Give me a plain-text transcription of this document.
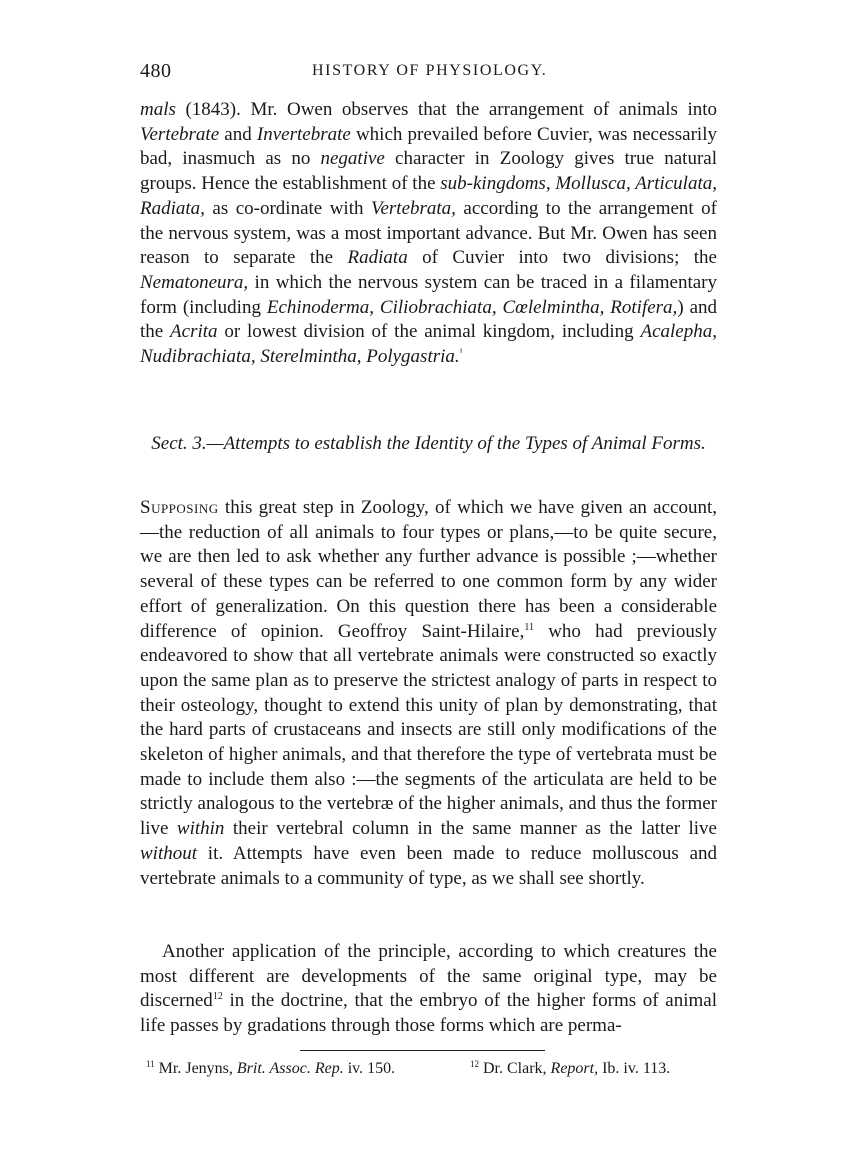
480	HISTORY OF PHYSIOLOGY.

mals (1843). Mr. Owen observes that the arrangement of animals into Vertebrate and Invertebrate which prevailed before Cuvier, was necessarily bad, inasmuch as no negative character in Zoology gives true natural groups. Hence the establishment of the sub-kingdoms, Mollusca, Articulata, Radiata, as co-ordinate with Vertebrata, according to the arrangement of the nervous system, was a most important advance. But Mr. Owen has seen reason to separate the Radiata of Cuvier into two divisions; the Nematoneura, in which the nervous system can be traced in a filamentary form (including Echinoderma, Ciliobrachiata, Cœlelmintha, Rotifera,) and the Acrita or lowest division of the animal kingdom, including Acalepha, Nudibrachiata, Sterelmintha, Polygastria.$^{^1}$

Sect. 3.—Attempts to establish the Identity of the Types of Animal Forms.

Supposing this great step in Zoology, of which we have given an account,—the reduction of all animals to four types or plans,—to be quite secure, we are then led to ask whether any further advance is possible ;—whether several of these types can be referred to one common form by any wider effort of generalization. On this question there has been a considerable difference of opinion. Geoffroy Saint-Hilaire,$^{11}$ who had previously endeavored to show that all vertebrate animals were constructed so exactly upon the same plan as to preserve the strictest analogy of parts in respect to their osteology, thought to extend this unity of plan by demonstrating, that the hard parts of crustaceans and insects are still only modifications of the skeleton of higher animals, and that therefore the type of vertebrata must be made to include them also :—the segments of the articulata are held to be strictly analogous to the vertebræ of the higher animals, and thus the former live within their vertebral column in the same manner as the latter live without it. Attempts have even been made to reduce molluscous and vertebrate animals to a community of type, as we shall see shortly.

Another application of the principle, according to which creatures the most different are developments of the same original type, may be discerned$^{12}$ in the doctrine, that the embryo of the higher forms of animal life passes by gradations through those forms which are perma-

$^{11}$ Mr. Jenyns, Brit. Assoc. Rep. iv. 150.	$^{12}$ Dr. Clark, Report, Ib. iv. 113.
